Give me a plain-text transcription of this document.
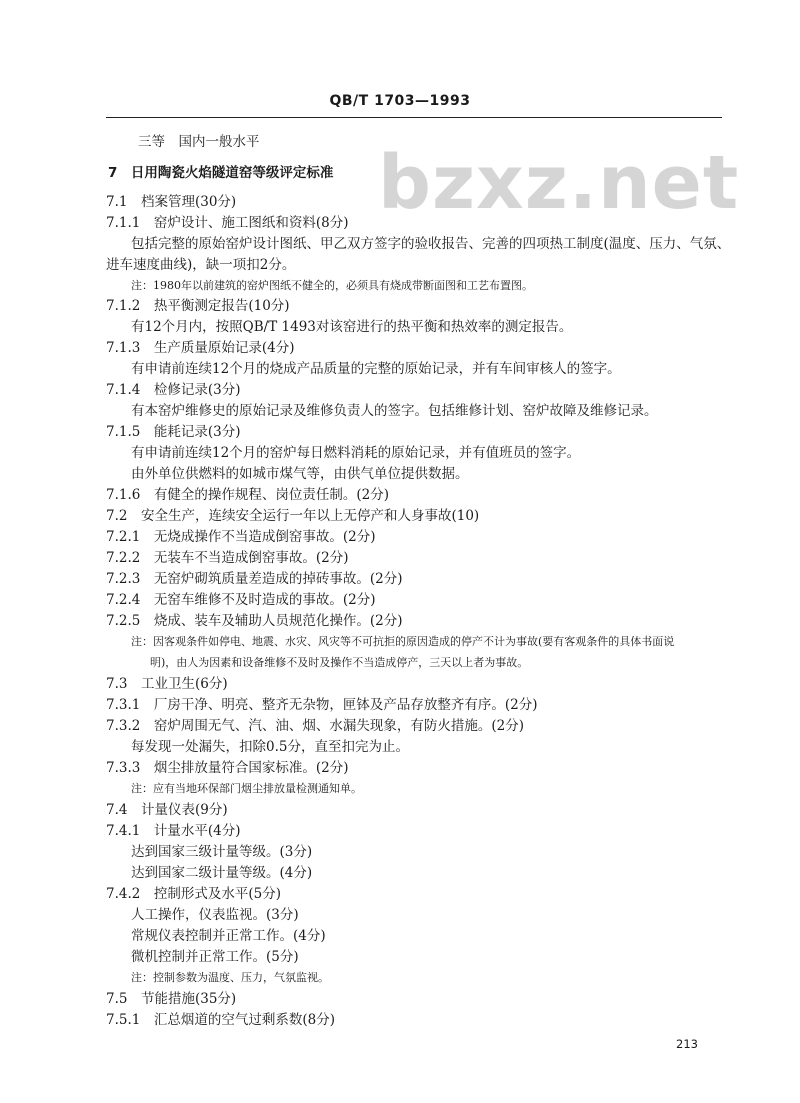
QB/T 1703—1993
bzxz.net
三等　国内一般水平
7　日用陶瓷火焰隧道窑等级评定标准
7.1　档案管理(30分)
7.1.1　窑炉设计、施工图纸和资料(8分)
包括完整的原始窑炉设计图纸、甲乙双方签字的验收报告、完善的四项热工制度(温度、压力、气氛、
进车速度曲线)，缺一项扣2分。
注：1980年以前建筑的窑炉图纸不健全的，必须具有烧成带断面图和工艺布置图。
7.1.2　热平衡测定报告(10分)
有12个月内，按照QB/T 1493对该窑进行的热平衡和热效率的测定报告。
7.1.3　生产质量原始记录(4分)
有申请前连续12个月的烧成产品质量的完整的原始记录，并有车间审核人的签字。
7.1.4　检修记录(3分)
有本窑炉维修史的原始记录及维修负责人的签字。包括维修计划、窑炉故障及维修记录。
7.1.5　能耗记录(3分)
有申请前连续12个月的窑炉每日燃料消耗的原始记录，并有值班员的签字。
由外单位供燃料的如城市煤气等，由供气单位提供数据。
7.1.6　有健全的操作规程、岗位责任制。(2分)
7.2　安全生产，连续安全运行一年以上无停产和人身事故(10)
7.2.1　无烧成操作不当造成倒窑事故。(2分)
7.2.2　无装车不当造成倒窑事故。(2分)
7.2.3　无窑炉砌筑质量差造成的掉砖事故。(2分)
7.2.4　无窑车维修不及时造成的事故。(2分)
7.2.5　烧成、装车及辅助人员规范化操作。(2分)
注：因客观条件如停电、地震、水灾、风灾等不可抗拒的原因造成的停产不计为事故(要有客观条件的具体书面说
明)，由人为因素和设备维修不及时及操作不当造成停产，三天以上者为事故。
7.3　工业卫生(6分)
7.3.1　厂房干净、明亮、整齐无杂物，匣钵及产品存放整齐有序。(2分)
7.3.2　窑炉周围无气、汽、油、烟、水漏失现象，有防火措施。(2分)
每发现一处漏失，扣除0.5分，直至扣完为止。
7.3.3　烟尘排放量符合国家标准。(2分)
注：应有当地环保部门烟尘排放量检测通知单。
7.4　计量仪表(9分)
7.4.1　计量水平(4分)
达到国家三级计量等级。(3分)
达到国家二级计量等级。(4分)
7.4.2　控制形式及水平(5分)
人工操作，仪表监视。(3分)
常规仪表控制并正常工作。(4分)
微机控制并正常工作。(5分)
注：控制参数为温度、压力，气氛监视。
7.5　节能措施(35分)
7.5.1　汇总烟道的空气过剩系数(8分)
213
